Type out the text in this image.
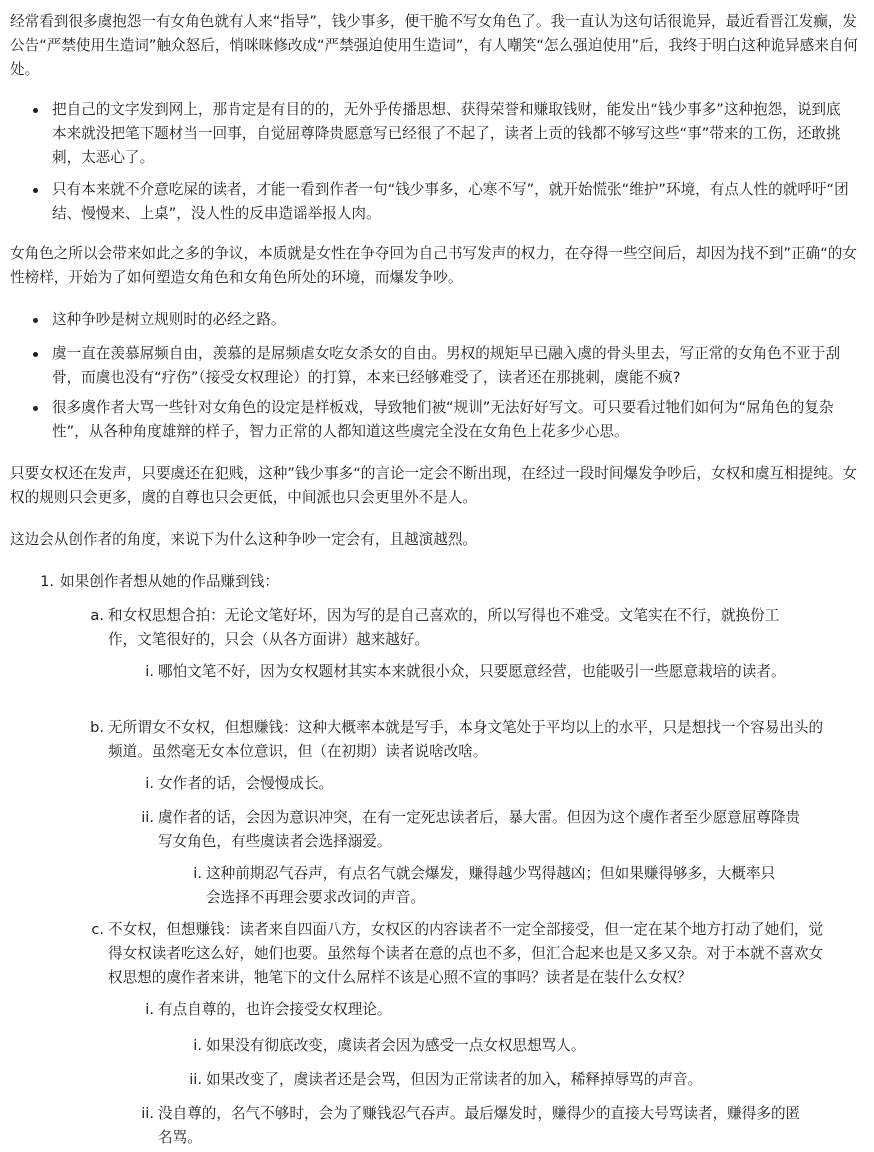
经常看到很多虞抱怨一有女角色就有人来“指导”，钱少事多，便干脆不写女角色了。我一直认为这句话很诡异，最近看晋江发癫，发公告“严禁使用生造词”触众怒后，悄咪咪修改成“严禁强迫使用生造词”，有人嘲笑“怎么强迫使用”后，我终于明白这种诡异感来自何处。

把自己的文字发到网上，那肯定是有目的的，无外乎传播思想、获得荣誉和赚取钱财，能发出“钱少事多”这种抱怨，说到底本来就没把笔下题材当一回事，自觉屈尊降贵愿意写已经很了不起了，读者上贡的钱都不够写这些“事”带来的工伤，还敢挑刺，太恶心了。

只有本来就不介意吃屎的读者，才能一看到作者一句“钱少事多，心寒不写”，就开始慌张“维护”环境，有点人性的就呼吁“团结、慢慢来、上桌”，没人性的反串造谣举报人肉。

女角色之所以会带来如此之多的争议，本质就是女性在争夺回为自己书写发声的权力，在夺得一些空间后，却因为找不到”正确“的女性榜样，开始为了如何塑造女角色和女角色所处的环境，而爆发争吵。

这种争吵是树立规则时的必经之路。

虞一直在羡慕屌频自由，羡慕的是屌频虐女吃女杀女的自由。男权的规矩早已融入虞的骨头里去，写正常的女角色不亚于刮骨，而虞也没有“疗伤”（接受女权理论）的打算，本来已经够难受了，读者还在那挑刺，虞能不疯?

很多虞作者大骂一些针对女角色的设定是样板戏，导致牠们被“规训”无法好好写文。可只要看过牠们如何为“屌角色的复杂性”，从各种角度雄辩的样子，智力正常的人都知道这些虞完全没在女角色上花多少心思。

只要女权还在发声，只要虞还在犯贱，这种”钱少事多“的言论一定会不断出现，在经过一段时间爆发争吵后，女权和虞互相提纯。女权的规则只会更多，虞的自尊也只会更低，中间派也只会更里外不是人。

这边会从创作者的角度，来说下为什么这种争吵一定会有，且越演越烈。

1. 如果创作者想从她的作品赚到钱：

a. 和女权思想合拍：无论文笔好坏，因为写的是自己喜欢的，所以写得也不难受。文笔实在不行，就换份工作，文笔很好的，只会（从各方面讲）越来越好。

i. 哪怕文笔不好，因为女权题材其实本来就很小众，只要愿意经营，也能吸引一些愿意栽培的读者。

b. 无所谓女不女权，但想赚钱：这种大概率本就是写手，本身文笔处于平均以上的水平，只是想找一个容易出头的频道。虽然毫无女本位意识，但（在初期）读者说啥改啥。

i. 女作者的话，会慢慢成长。

ii. 虞作者的话，会因为意识冲突，在有一定死忠读者后，暴大雷。但因为这个虞作者至少愿意屈尊降贵写女角色，有些虞读者会选择溺爱。

i. 这种前期忍气吞声，有点名气就会爆发，赚得越少骂得越凶；但如果赚得够多，大概率只会选择不再理会要求改词的声音。

c. 不女权，但想赚钱：读者来自四面八方，女权区的内容读者不一定全部接受，但一定在某个地方打动了她们，觉得女权读者吃这么好，她们也要。虽然每个读者在意的点也不多，但汇合起来也是又多又杂。对于本就不喜欢女权思想的虞作者来讲，牠笔下的文什么屌样不该是心照不宣的事吗？读者是在装什么女权？

i. 有点自尊的，也许会接受女权理论。

i. 如果没有彻底改变，虞读者会因为感受一点女权思想骂人。

ii. 如果改变了，虞读者还是会骂，但因为正常读者的加入，稀释掉辱骂的声音。

ii. 没自尊的，名气不够时，会为了赚钱忍气吞声。最后爆发时，赚得少的直接大号骂读者，赚得多的匿名骂。
